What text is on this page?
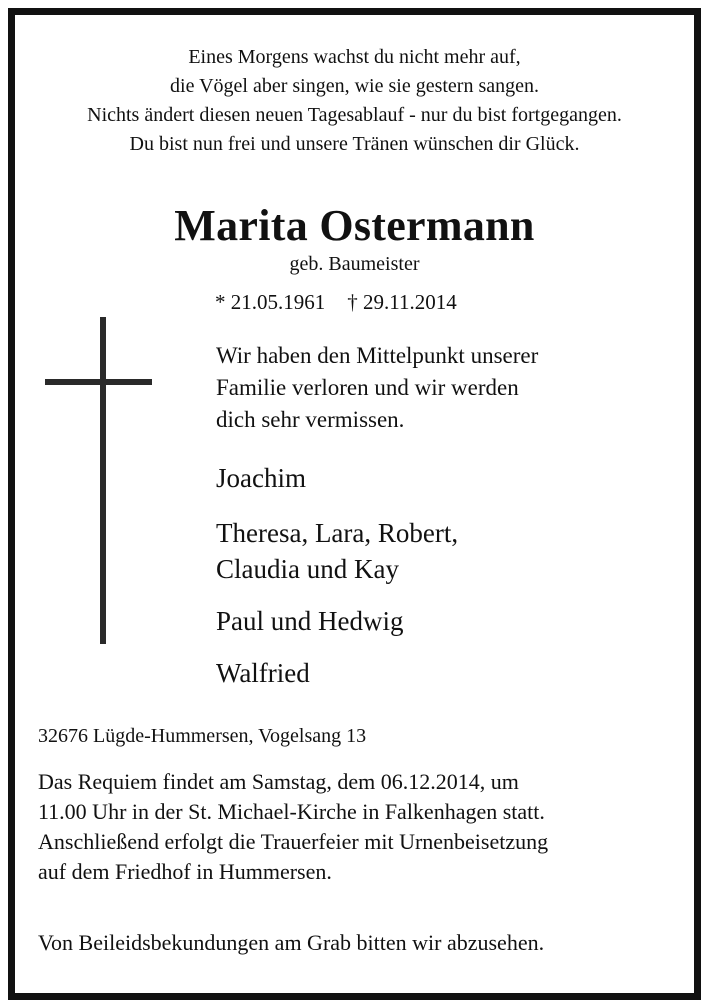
Eines Morgens wachst du nicht mehr auf,
die Vögel aber singen, wie sie gestern sangen.
Nichts ändert diesen neuen Tagesablauf - nur du bist fortgegangen.
Du bist nun frei und unsere Tränen wünschen dir Glück.
Marita Ostermann
geb. Baumeister
* 21.05.1961 † 29.11.2014
Wir haben den Mittelpunkt unserer
Familie verloren und wir werden
dich sehr vermissen.
Joachim
Theresa, Lara, Robert,
Claudia und Kay
Paul und Hedwig
Walfried
32676 Lügde-Hummersen, Vogelsang 13
Das Requiem findet am Samstag, dem 06.12.2014, um
11.00 Uhr in der St. Michael-Kirche in Falkenhagen statt.
Anschließend erfolgt die Trauerfeier mit Urnenbeisetzung
auf dem Friedhof in Hummersen.
Von Beileidsbekundungen am Grab bitten wir abzusehen.
